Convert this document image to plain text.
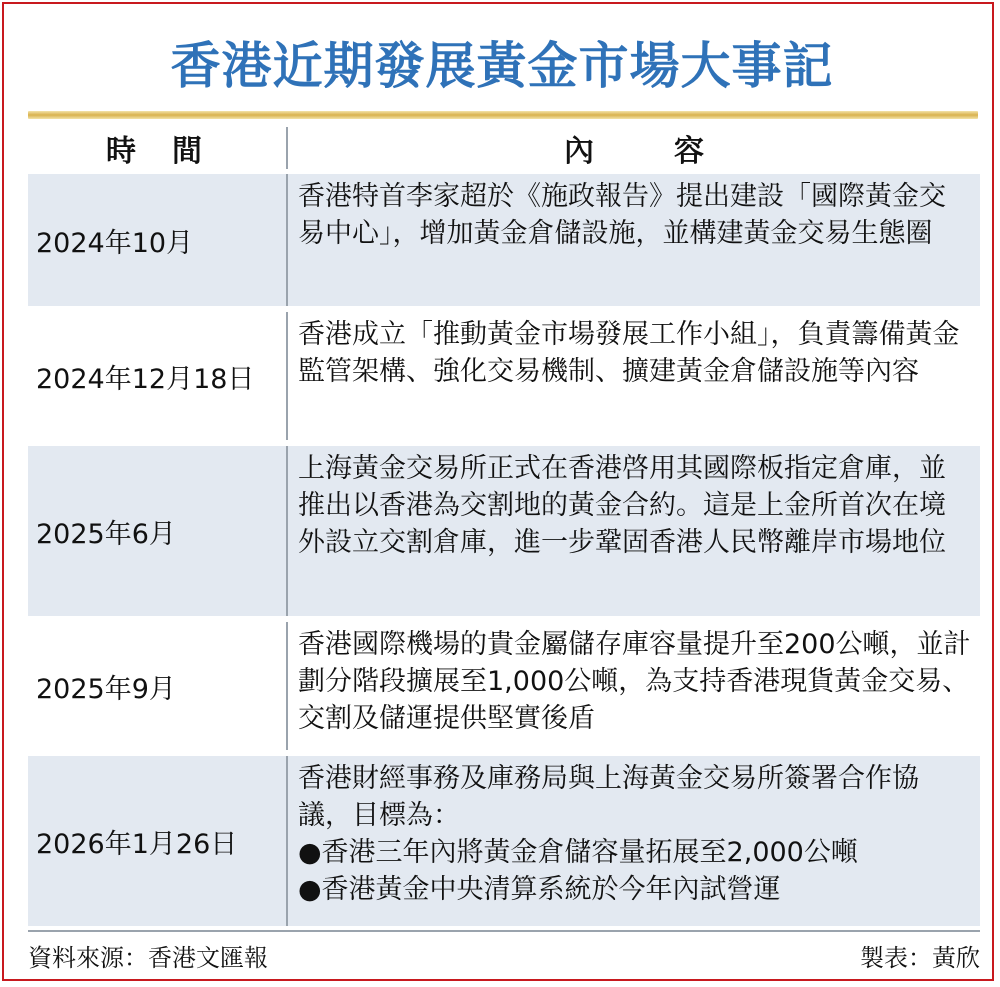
香港近期發展黃金市場大事記
時間	內容
2024年10月
香港特首李家超於《施政報告》提出建設「國際黃金交易中心」，增加黃金倉儲設施，並構建黃金交易生態圈
2024年12月18日
香港成立「推動黃金市場發展工作小組」，負責籌備黃金監管架構、強化交易機制、擴建黃金倉儲設施等內容
2025年6月
上海黃金交易所正式在香港啓用其國際板指定倉庫，並推出以香港為交割地的黃金合約。這是上金所首次在境外設立交割倉庫，進一步鞏固香港人民幣離岸市場地位
2025年9月
香港國際機場的貴金屬儲存庫容量提升至200公噸，並計劃分階段擴展至1,000公噸，為支持香港現貨黃金交易、交割及儲運提供堅實後盾
2026年1月26日
香港財經事務及庫務局與上海黃金交易所簽署合作協議，目標為：
●香港三年內將黃金倉儲容量拓展至2,000公噸
●香港黃金中央清算系統於今年內試營運
資料來源：香港文匯報	製表：黃欣
